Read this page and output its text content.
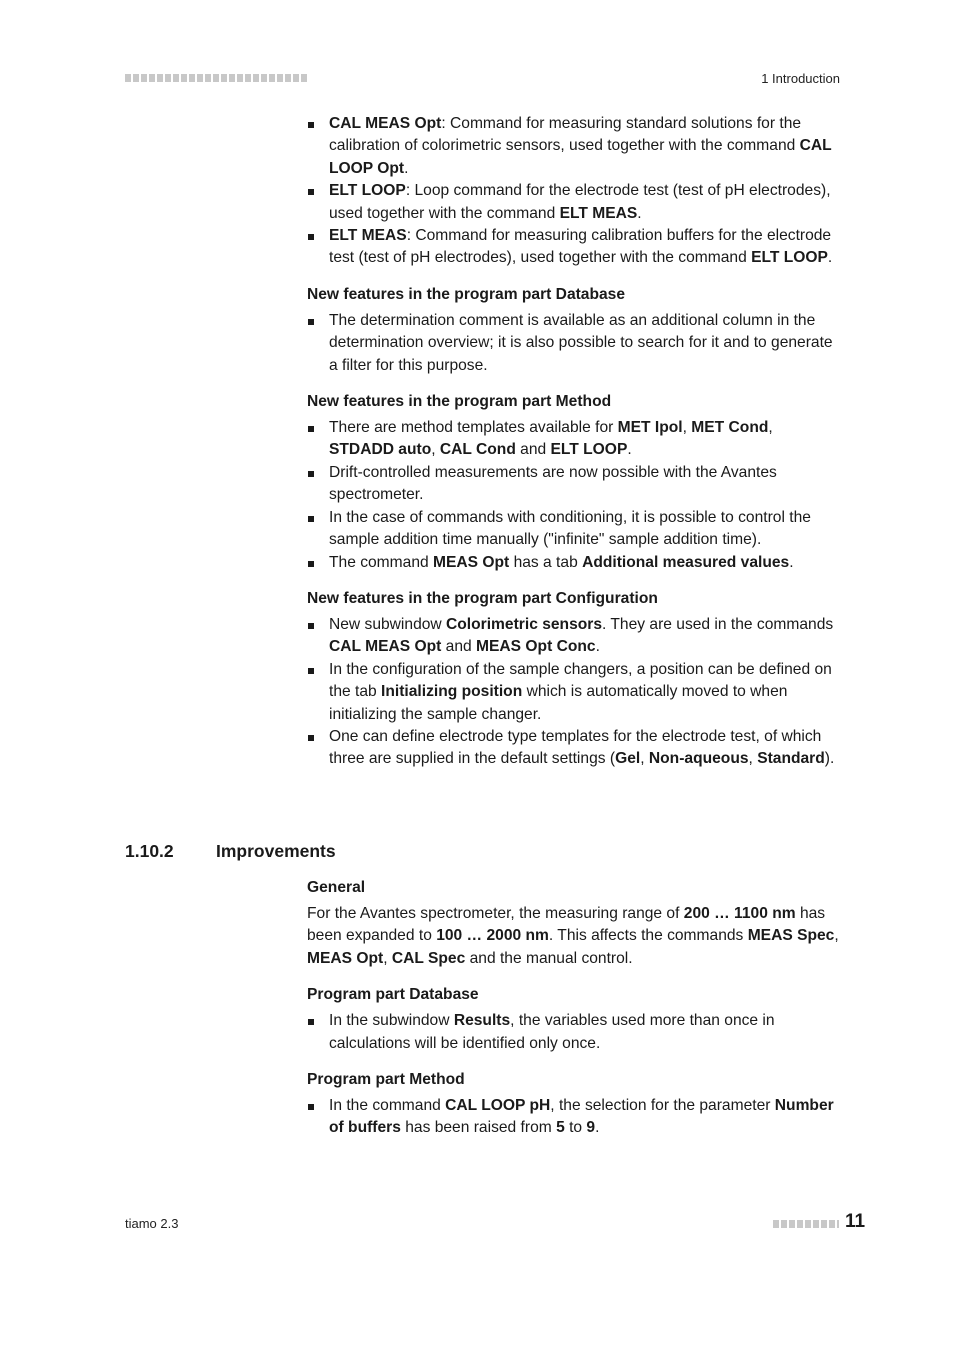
1 Introduction
CAL MEAS Opt: Command for measuring standard solutions for the calibration of colorimetric sensors, used together with the command CAL LOOP Opt.
ELT LOOP: Loop command for the electrode test (test of pH electrodes), used together with the command ELT MEAS.
ELT MEAS: Command for measuring calibration buffers for the electrode test (test of pH electrodes), used together with the command ELT LOOP.
New features in the program part Database
The determination comment is available as an additional column in the determination overview; it is also possible to search for it and to generate a filter for this purpose.
New features in the program part Method
There are method templates available for MET Ipol, MET Cond, STDADD auto, CAL Cond and ELT LOOP.
Drift-controlled measurements are now possible with the Avantes spectrometer.
In the case of commands with conditioning, it is possible to control the sample addition time manually ("infinite" sample addition time).
The command MEAS Opt has a tab Additional measured values.
New features in the program part Configuration
New subwindow Colorimetric sensors. They are used in the commands CAL MEAS Opt and MEAS Opt Conc.
In the configuration of the sample changers, a position can be defined on the tab Initializing position which is automatically moved to when initializing the sample changer.
One can define electrode type templates for the electrode test, of which three are supplied in the default settings (Gel, Non-aqueous, Standard).
1.10.2 Improvements
General

For the Avantes spectrometer, the measuring range of 200 … 1100 nm has been expanded to 100 … 2000 nm. This affects the commands MEAS Spec, MEAS Opt, CAL Spec and the manual control.

Program part Database
In the subwindow Results, the variables used more than once in calculations will be identified only once.
Program part Method
In the command CAL LOOP pH, the selection for the parameter Number of buffers has been raised from 5 to 9.
tiamo 2.3	11
